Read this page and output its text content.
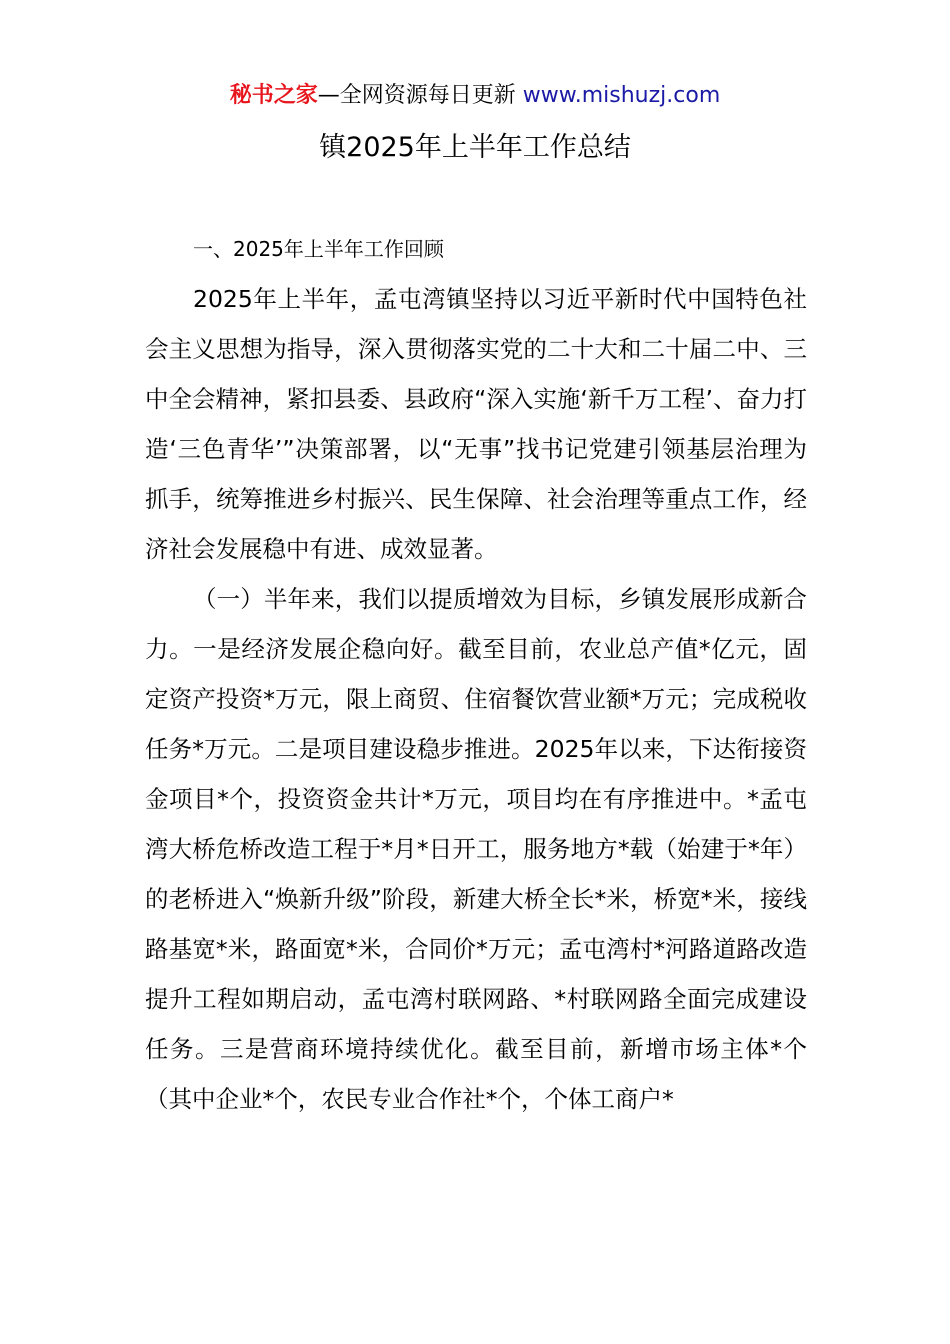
秘书之家—全网资源每日更新 www.mishuzj.com
镇2025年上半年工作总结
一、2025年上半年工作回顾

2025年上半年，孟屯湾镇坚持以习近平新时代中国特色社会主义思想为指导，深入贯彻落实党的二十大和二十届二中、三中全会精神，紧扣县委、县政府“深入实施‘新千万工程’、奋力打造‘三色青华’”决策部署，以“无事”找书记党建引领基层治理为抓手，统筹推进乡村振兴、民生保障、社会治理等重点工作，经济社会发展稳中有进、成效显著。

（一）半年来，我们以提质增效为目标，乡镇发展形成新合力。一是经济发展企稳向好。截至目前，农业总产值*亿元，固定资产投资*万元，限上商贸、住宿餐饮营业额*万元；完成税收任务*万元。二是项目建设稳步推进。2025年以来，下达衔接资金项目*个，投资资金共计*万元，项目均在有序推进中。*孟屯湾大桥危桥改造工程于*月*日开工，服务地方*载（始建于*年）的老桥进入“焕新升级”阶段，新建大桥全长*米，桥宽*米，接线路基宽*米，路面宽*米，合同价*万元；孟屯湾村*河路道路改造提升工程如期启动，孟屯湾村联网路、*村联网路全面完成建设任务。三是营商环境持续优化。截至目前，新增市场主体*个（其中企业*个，农民专业合作社*个，个体工商户*
